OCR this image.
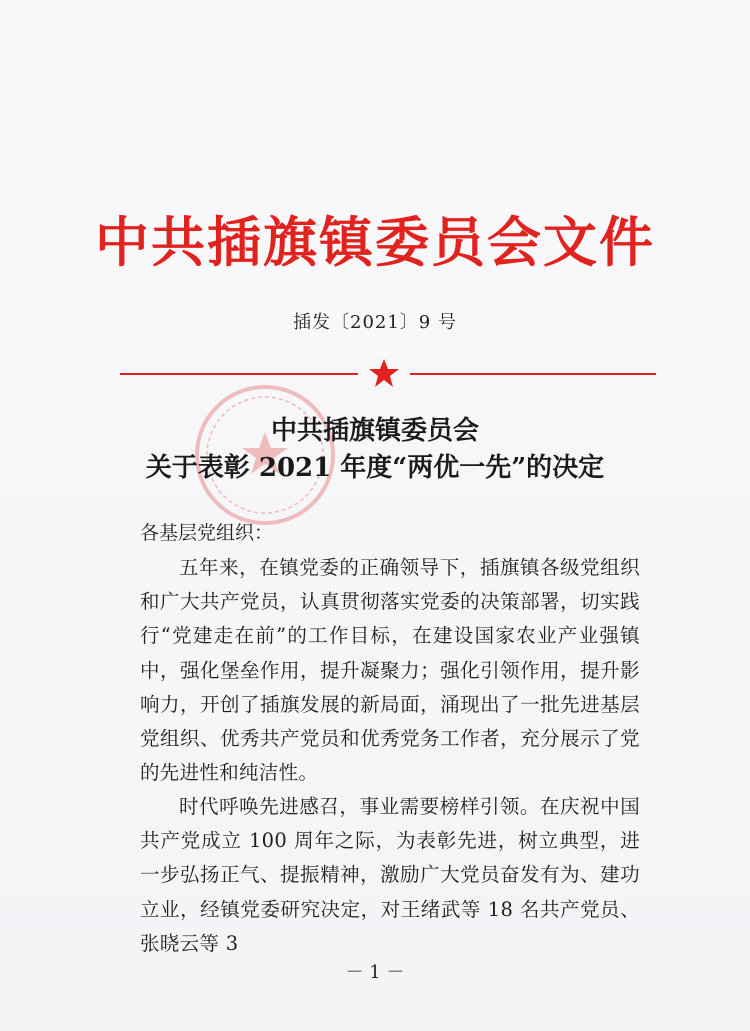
中共插旗镇委员会文件
插发〔2021〕9 号
中共插旗镇委员会
关于表彰 2021 年度“两优一先”的决定
各基层党组织：
五年来，在镇党委的正确领导下，插旗镇各级党组织和广大共产党员，认真贯彻落实党委的决策部署，切实践行“党建走在前”的工作目标，在建设国家农业产业强镇中，强化堡垒作用，提升凝聚力；强化引领作用，提升影响力，开创了插旗发展的新局面，涌现出了一批先进基层党组织、优秀共产党员和优秀党务工作者，充分展示了党的先进性和纯洁性。
时代呼唤先进感召，事业需要榜样引领。在庆祝中国共产党成立 100 周年之际，为表彰先进，树立典型，进一步弘扬正气、提振精神，激励广大党员奋发有为、建功立业，经镇党委研究决定，对王绪武等 18 名共产党员、张晓云等 3
－ 1 －
